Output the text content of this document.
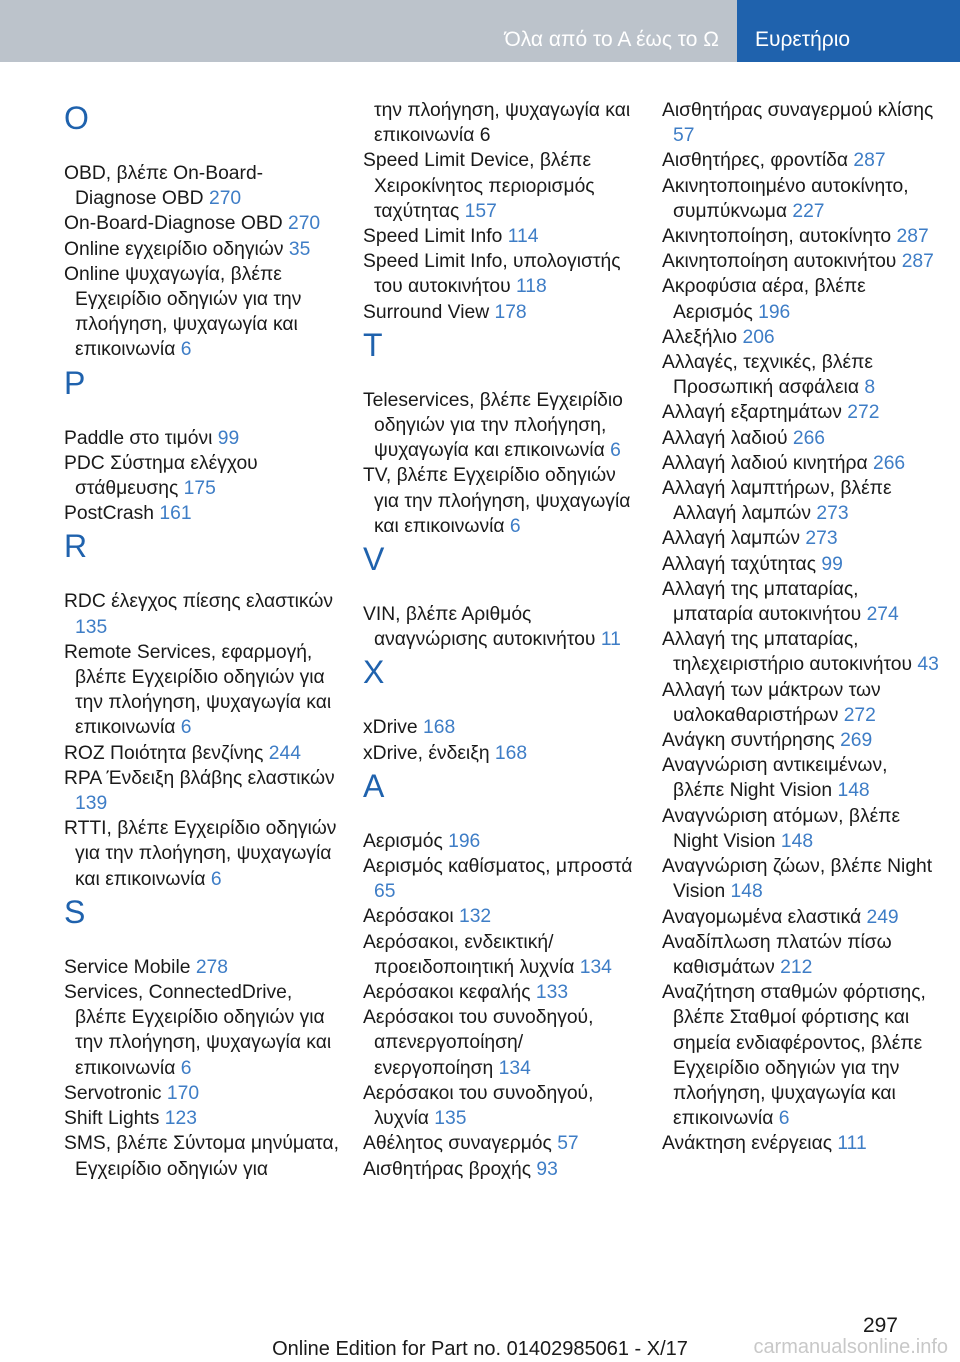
Όλα από το Α έως το Ω Ευρετήριο
O
OBD, βλέπε On-Board-Diagnose OBD 270
On-Board-Diagnose OBD 270
Online εγχειρίδιο οδηγιών 35
Online ψυχαγωγία, βλέπε Εγχειρίδιο οδηγιών για την πλοήγηση, ψυχαγωγία και επικοινωνία 6
P
Paddle στο τιμόνι 99
PDC Σύστημα ελέγχου στάθμευσης 175
PostCrash 161
R
RDC έλεγχος πίεσης ελαστικών 135
Remote Services, εφαρμογή, βλέπε Εγχειρίδιο οδηγιών για την πλοήγηση, ψυχαγωγία και επικοινωνία 6
ROZ Ποιότητα βενζίνης 244
RPA Ένδειξη βλάβης ελαστικών 139
RTTI, βλέπε Εγχειρίδιο οδηγιών για την πλοήγηση, ψυχαγωγία και επικοινωνία 6
S
Service Mobile 278
Services, ConnectedDrive, βλέπε Εγχειρίδιο οδηγιών για την πλοήγηση, ψυχαγωγία και επικοινωνία 6
Servotronic 170
Shift Lights 123
SMS, βλέπε Σύντομα μηνύματα, Εγχειρίδιο οδηγιών για
την πλοήγηση, ψυχαγωγία και επικοινωνία 6
Speed Limit Device, βλέπε Χειροκίνητος περιορισμός ταχύτητας 157
Speed Limit Info 114
Speed Limit Info, υπολογιστής του αυτοκινήτου 118
Surround View 178
T
Teleservices, βλέπε Εγχειρίδιο οδηγιών για την πλοήγηση, ψυχαγωγία και επικοινωνία 6
TV, βλέπε Εγχειρίδιο οδηγιών για την πλοήγηση, ψυχαγωγία και επικοινωνία 6
V
VIN, βλέπε Αριθμός αναγνώρισης αυτοκινήτου 11
X
xDrive 168
xDrive, ένδειξη 168
A
Αερισμός 196
Αερισμός καθίσματος, μπροστά 65
Αερόσακοι 132
Αερόσακοι, ενδεικτική/προειδοποιητική λυχνία 134
Αερόσακοι κεφαλής 133
Αερόσακοι του συνοδηγού, απενεργοποίηση/ενεργοποίηση 134
Αερόσακοι του συνοδηγού, λυχνία 135
Αθέλητος συναγερμός 57
Αισθητήρας βροχής 93
Αισθητήρας συναγερμού κλίσης 57
Αισθητήρες, φροντίδα 287
Ακινητοποιημένο αυτοκίνητο, συμπύκνωμα 227
Ακινητοποίηση, αυτοκίνητο 287
Ακινητοποίηση αυτοκινήτου 287
Ακροφύσια αέρα, βλέπε Αερισμός 196
Αλεξήλιο 206
Αλλαγές, τεχνικές, βλέπε Προσωπική ασφάλεια 8
Αλλαγή εξαρτημάτων 272
Αλλαγή λαδιού 266
Αλλαγή λαδιού κινητήρα 266
Αλλαγή λαμπτήρων, βλέπε Αλλαγή λαμπών 273
Αλλαγή λαμπών 273
Αλλαγή ταχύτητας 99
Αλλαγή της μπαταρίας, μπαταρία αυτοκινήτου 274
Αλλαγή της μπαταρίας, τηλεχειριστήριο αυτοκινήτου 43
Αλλαγή των μάκτρων των υαλοκαθαριστήρων 272
Ανάγκη συντήρησης 269
Αναγνώριση αντικειμένων, βλέπε Night Vision 148
Αναγνώριση ατόμων, βλέπε Night Vision 148
Αναγνώριση ζώων, βλέπε Night Vision 148
Αναγομωμένα ελαστικά 249
Αναδίπλωση πλατών πίσω καθισμάτων 212
Αναζήτηση σταθμών φόρτισης, βλέπε Σταθμοί φόρτισης και σημεία ενδιαφέροντος, βλέπε Εγχειρίδιο οδηγιών για την πλοήγηση, ψυχαγωγία και επικοινωνία 6
Ανάκτηση ενέργειας 111
297
Online Edition for Part no. 01402985061 - X/17	carmanualsonline.info
